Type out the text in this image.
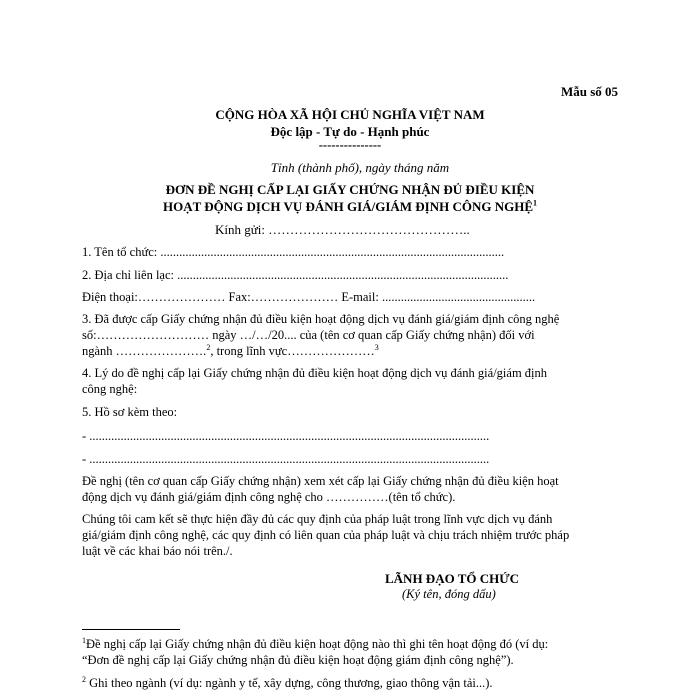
Mẫu số 05
CỘNG HÒA XÃ HỘI CHỦ NGHĨA VIỆT NAM
Độc lập - Tự do - Hạnh phúc
---------------
Tỉnh (thành phố), ngày tháng năm
ĐƠN ĐỀ NGHỊ CẤP LẠI GIẤY CHỨNG NHẬN ĐỦ ĐIỀU KIỆN
HOẠT ĐỘNG DỊCH VỤ ĐÁNH GIÁ/GIÁM ĐỊNH CÔNG NGHỆ$^1$
Kính gửi: ………………………………………..
1. Tên tổ chức: ..............................................................................................................
2. Địa chỉ liên lạc: ..........................................................................................................
Điện thoại:………………… Fax:………………… E-mail: .................................................
3. Đã được cấp Giấy chứng nhận đủ điều kiện hoạt động dịch vụ đánh giá/giám định công nghệ
số:……………………… ngày …/…/20.... của (tên cơ quan cấp Giấy chứng nhận) đối với
ngành ………………….$^2$, trong lĩnh vực…………………$^3$
4. Lý do đề nghị cấp lại Giấy chứng nhận đủ điều kiện hoạt động dịch vụ đánh giá/giám định
công nghệ:
5. Hồ sơ kèm theo:
- ................................................................................................................................
- ................................................................................................................................
Đề nghị (tên cơ quan cấp Giấy chứng nhận) xem xét cấp lại Giấy chứng nhận đủ điều kiện hoạt
động dịch vụ đánh giá/giám định công nghệ cho ……………(tên tổ chức).
Chúng tôi cam kết sẽ thực hiện đầy đủ các quy định của pháp luật trong lĩnh vực dịch vụ đánh
giá/giám định công nghệ, các quy định có liên quan của pháp luật và chịu trách nhiệm trước pháp
luật về các khai báo nói trên./.
LÃNH ĐẠO TỔ CHỨC
(Ký tên, đóng dấu)
$^1$Đề nghị cấp lại Giấy chứng nhận đủ điều kiện hoạt động nào thì ghi tên hoạt động đó (ví dụ:
“Đơn đề nghị cấp lại Giấy chứng nhận đủ điều kiện hoạt động giám định công nghệ”).
$^2$ Ghi theo ngành (ví dụ: ngành y tế, xây dựng, công thương, giao thông vận tải...).
